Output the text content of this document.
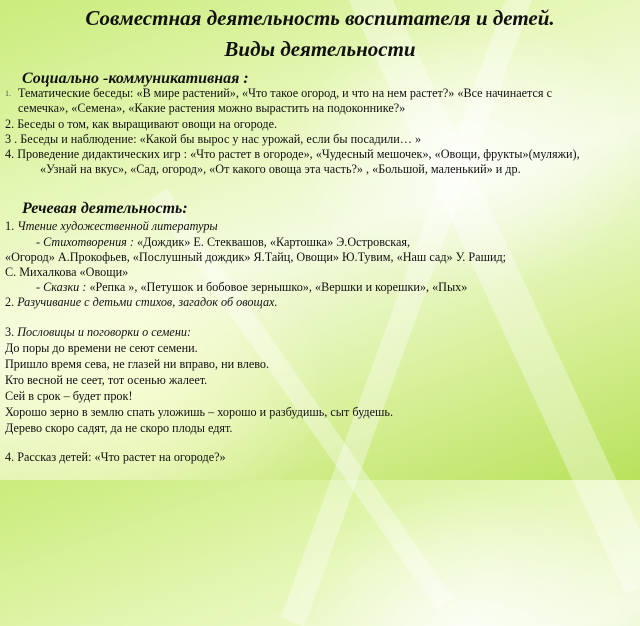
Совместная деятельность воспитателя и детей.
Виды деятельности
Социально -коммуникативная :
1. Тематические беседы: «В мире растений», «Что такое огород, и что на нем растет?» «Все начинается с
семечка», «Семена», «Какие растения можно вырастить на подоконнике?»
2. Беседы о том, как выращивают овощи на огороде.
3 . Беседы и наблюдение: «Какой бы вырос у нас урожай, если бы посадили… »
4. Проведение дидактических игр : «Что растет в огороде», «Чудесный мешочек», «Овощи, фрукты»(муляжи),
«Узнай на вкус», «Сад, огород», «От какого овоща эта часть?» , «Большой, маленький» и др.
Речевая деятельность:
1. Чтение художественной литературы
- Стихотворения : «Дождик» Е. Стеквашов, «Картошка» Э.Островская,
«Огород» А.Прокофьев, «Послушный дождик» Я.Тайц, Овощи» Ю.Тувим, «Наш сад» У. Рашид;
С. Михалкова «Овощи»
- Сказки : «Репка », «Петушок и бобовое зернышко», «Вершки и корешки», «Пых»
2. Разучивание с детьми стихов, загадок об овощах.
3. Пословицы и поговорки о семени:
До поры до времени не сеют семени.
Пришло время сева, не глазей ни вправо, ни влево.
Кто весной не сеет, тот осенью жалеет.
Сей в срок – будет прок!
Хорошо зерно в землю спать уложишь – хорошо и разбудишь, сыт будешь.
Дерево скоро садят, да не скоро плоды едят.
4. Рассказ детей: «Что растет на огороде?»
